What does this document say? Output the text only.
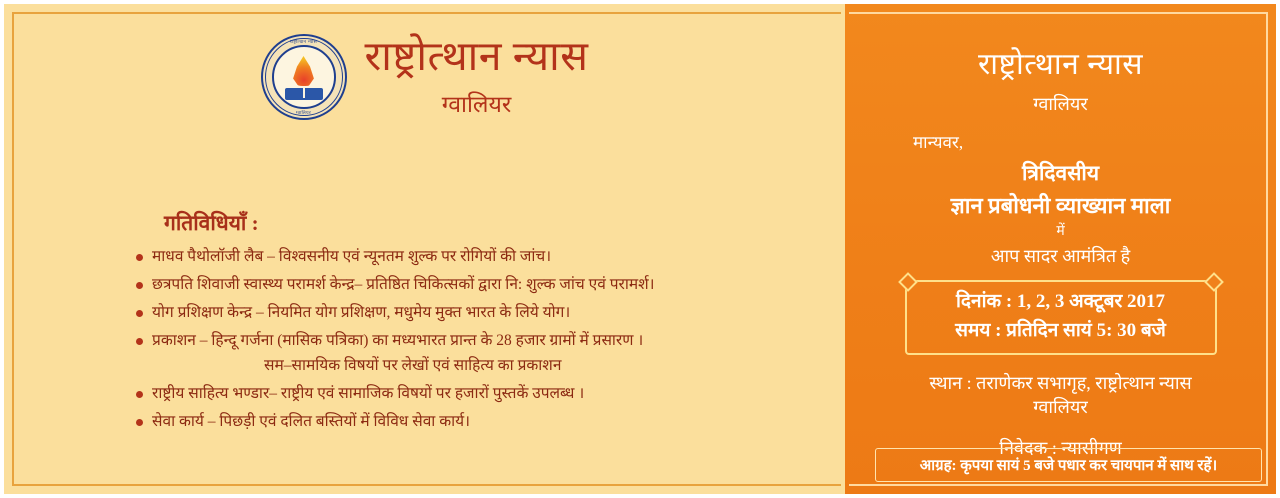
राष्ट्रोत्थान न्यास
ग्वालियर
राष्ट्रोत्थान न्यास
ग्वालियर
गतिविधियाँ :
माधव पैथोलॉजी लैब – विश्वसनीय एवं न्यूनतम शुल्क पर रोगियों की जांच।
छत्रपति शिवाजी स्वास्थ्य परामर्श केन्द्र– प्रतिष्ठित चिकित्सकों द्वारा नि: शुल्क जांच एवं परामर्श।
योग प्रशिक्षण केन्द्र – नियमित योग प्रशिक्षण, मधुमेय मुक्त भारत के लिये योग।
प्रकाशन – हिन्दू गर्जना (मासिक पत्रिका) का मध्यभारत प्रान्त के 28 हजार ग्रामों में प्रसारण ।
सम–सामयिक विषयों पर लेखों एवं साहित्य का प्रकाशन
राष्ट्रीय साहित्य भण्डार– राष्ट्रीय एवं सामाजिक विषयों पर हजारों पुस्तकें उपलब्ध ।
सेवा कार्य – पिछड़ी एवं दलित बस्तियों में विविध सेवा कार्य।
राष्ट्रोत्थान न्यास
ग्वालियर
मान्यवर,
त्रिदिवसीय
ज्ञान प्रबोधनी व्याख्यान माला
में
आप सादर आमंत्रित है
दिनांक : 1, 2, 3 अक्टूबर 2017
समय : प्रतिदिन सायं 5: 30 बजे
स्थान : तराणेकर सभागृह, राष्ट्रोत्थान न्यास
ग्वालियर
निवेदक : न्यासीगण
आग्रह: कृपया सायं 5 बजे पधार कर चायपान में साथ रहें।
